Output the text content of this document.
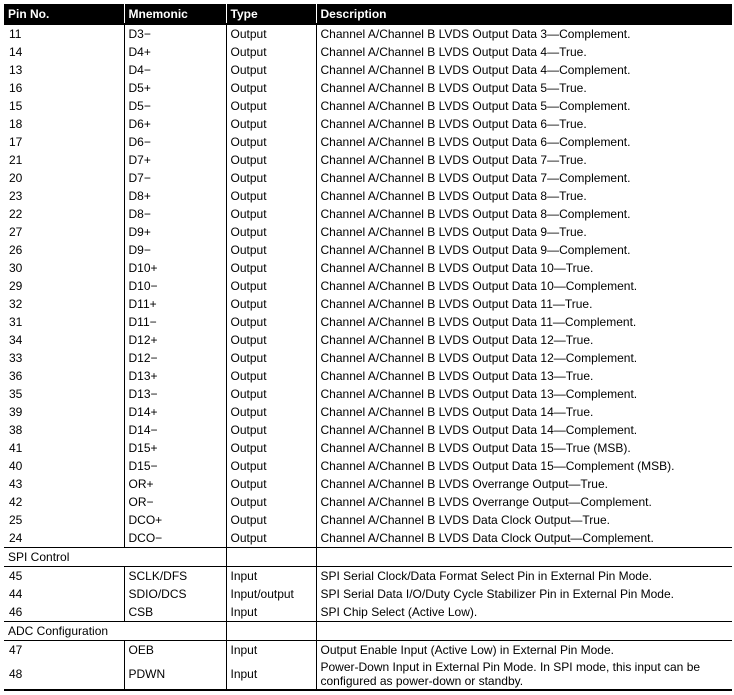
Pin No.	Mnemonic	Type	Description
11	D3−	Output	Channel A/Channel B LVDS Output Data 3—Complement.
14	D4+	Output	Channel A/Channel B LVDS Output Data 4—True.
13	D4−	Output	Channel A/Channel B LVDS Output Data 4—Complement.
16	D5+	Output	Channel A/Channel B LVDS Output Data 5—True.
15	D5−	Output	Channel A/Channel B LVDS Output Data 5—Complement.
18	D6+	Output	Channel A/Channel B LVDS Output Data 6—True.
17	D6−	Output	Channel A/Channel B LVDS Output Data 6—Complement.
21	D7+	Output	Channel A/Channel B LVDS Output Data 7—True.
20	D7−	Output	Channel A/Channel B LVDS Output Data 7—Complement.
23	D8+	Output	Channel A/Channel B LVDS Output Data 8—True.
22	D8−	Output	Channel A/Channel B LVDS Output Data 8—Complement.
27	D9+	Output	Channel A/Channel B LVDS Output Data 9—True.
26	D9−	Output	Channel A/Channel B LVDS Output Data 9—Complement.
30	D10+	Output	Channel A/Channel B LVDS Output Data 10—True.
29	D10−	Output	Channel A/Channel B LVDS Output Data 10—Complement.
32	D11+	Output	Channel A/Channel B LVDS Output Data 11—True.
31	D11−	Output	Channel A/Channel B LVDS Output Data 11—Complement.
34	D12+	Output	Channel A/Channel B LVDS Output Data 12—True.
33	D12−	Output	Channel A/Channel B LVDS Output Data 12—Complement.
36	D13+	Output	Channel A/Channel B LVDS Output Data 13—True.
35	D13−	Output	Channel A/Channel B LVDS Output Data 13—Complement.
39	D14+	Output	Channel A/Channel B LVDS Output Data 14—True.
38	D14−	Output	Channel A/Channel B LVDS Output Data 14—Complement.
41	D15+	Output	Channel A/Channel B LVDS Output Data 15—True (MSB).
40	D15−	Output	Channel A/Channel B LVDS Output Data 15—Complement (MSB).
43	OR+	Output	Channel A/Channel B LVDS Overrange Output—True.
42	OR−	Output	Channel A/Channel B LVDS Overrange Output—Complement.
25	DCO+	Output	Channel A/Channel B LVDS Data Clock Output—True.
24	DCO−	Output	Channel A/Channel B LVDS Data Clock Output—Complement.
SPI Control			
45	SCLK/DFS	Input	SPI Serial Clock/Data Format Select Pin in External Pin Mode.
44	SDIO/DCS	Input/output	SPI Serial Data I/O/Duty Cycle Stabilizer Pin in External Pin Mode.
46	CSB	Input	SPI Chip Select (Active Low).
ADC Configuration			
47	OEB	Input	Output Enable Input (Active Low) in External Pin Mode.
48	PDWN	Input	Power-Down Input in External Pin Mode. In SPI mode, this input can be configured as power-down or standby.
